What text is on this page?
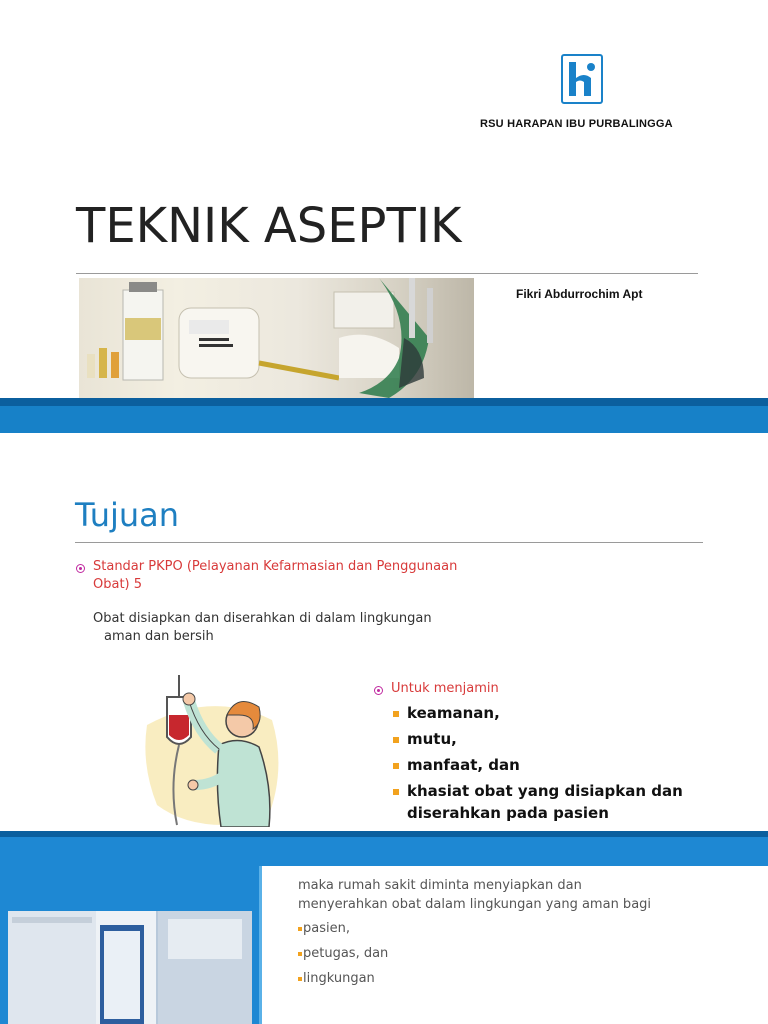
RSU HARAPAN IBU PURBALINGGA
TEKNIK ASEPTIK
Fikri Abdurrochim Apt
Tujuan
Standar PKPO (Pelayanan Kefarmasian dan Penggunaan
Obat) 5
Obat disiapkan dan diserahkan di dalam lingkungan
aman dan bersih
Untuk menjamin
keamanan,
mutu,
manfaat, dan
khasiat obat yang disiapkan dan
diserahkan pada pasien
maka rumah sakit diminta menyiapkan dan
menyerahkan obat dalam lingkungan yang aman bagi
pasien,
petugas, dan
lingkungan
